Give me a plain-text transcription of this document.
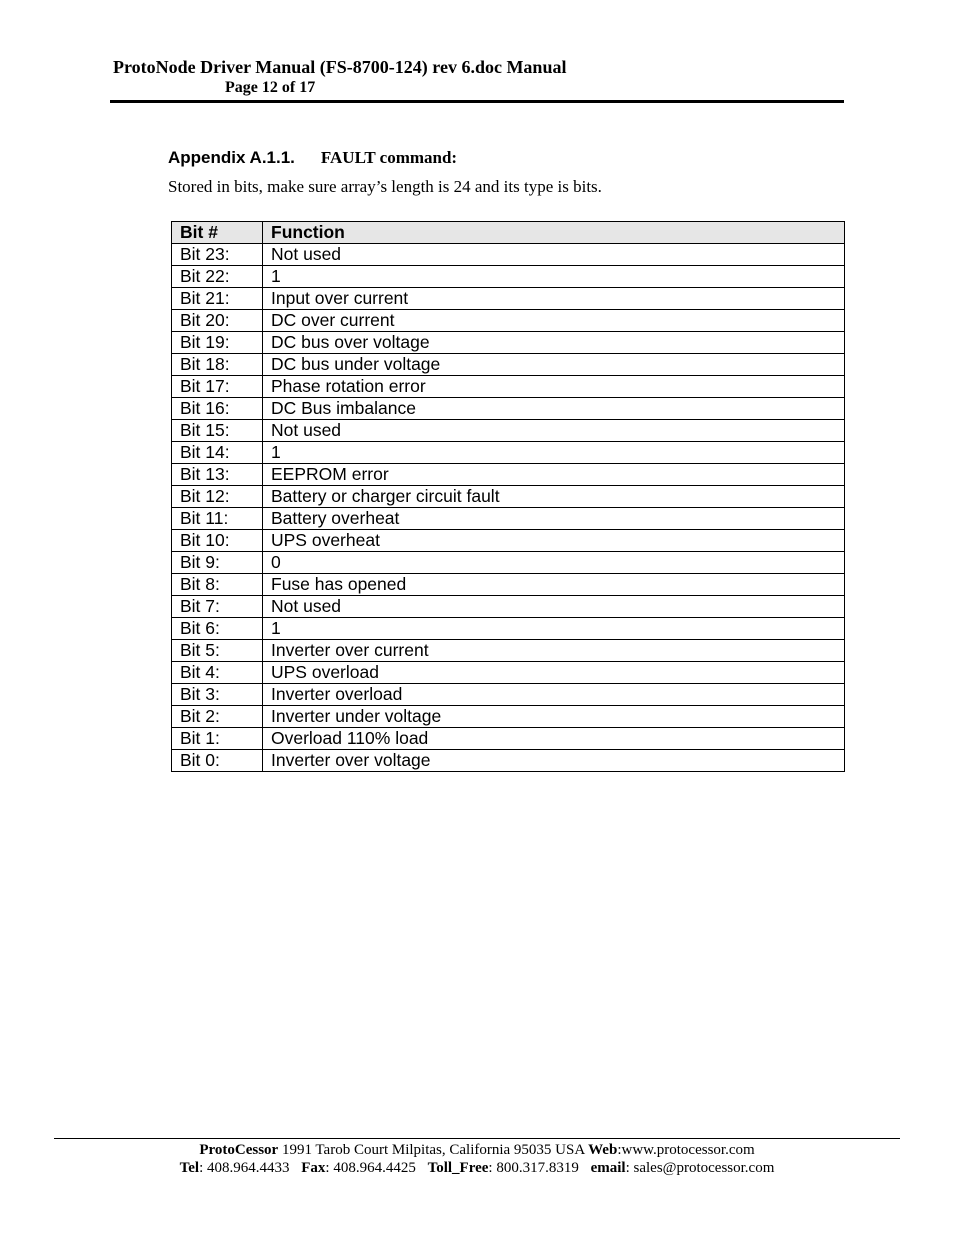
ProtoNode Driver Manual (FS-8700-124) rev 6.doc Manual
Page 12 of 17
Appendix A.1.1. FAULT command:
Stored in bits, make sure array’s length is 24 and its type is bits.
Bit #	Function
Bit 23:	Not used
Bit 22:	1
Bit 21:	Input over current
Bit 20:	DC over current
Bit 19:	DC bus over voltage
Bit 18:	DC bus under voltage
Bit 17:	Phase rotation error
Bit 16:	DC Bus imbalance
Bit 15:	Not used
Bit 14:	1
Bit 13:	EEPROM error
Bit 12:	Battery or charger circuit fault
Bit 11:	Battery overheat
Bit 10:	UPS overheat
Bit 9:	0
Bit 8:	Fuse has opened
Bit 7:	Not used
Bit 6:	1
Bit 5:	Inverter over current
Bit 4:	UPS overload
Bit 3:	Inverter overload
Bit 2:	Inverter under voltage
Bit 1:	Overload 110% load
Bit 0:	Inverter over voltage
ProtoCessor 1991 Tarob Court Milpitas, California 95035 USA Web:www.protocessor.com
Tel: 408.964.4433 Fax: 408.964.4425 Toll_Free: 800.317.8319 email: sales@protocessor.com
